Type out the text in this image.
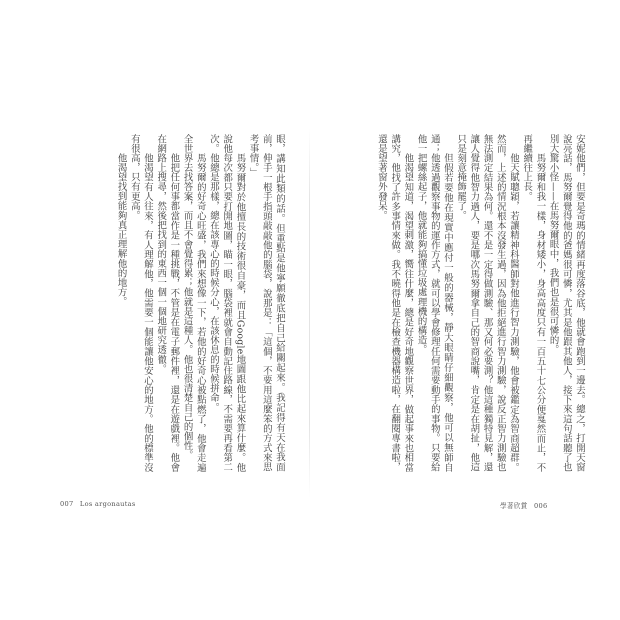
眼，講知此類的話。但重點是他寧願徹底把自己給關起來。我記得有天在我面前，伸手一根手指頭敲敲他的腦袋，說那是：「這個，不要用這麼笨的方式來思考事情。」

馬努爾對於他擅長的技術很自豪，而且Google地圖跟他比起來算什麼。他說他每次都只要打開地圖，瞄一眼，腦袋裡就會自動記住路線，不需要再看第二次。他總是那樣，總在該專心的時候分心，在該休息的時候拼命。

馬努爾的好奇心旺盛，我們來想像一下，若他的好奇心被點燃了，他會走遍全世界去找答案，而且不會覺得累；他就是這種人。他也很清楚自己的個性。

他把任何事都當作是一種挑戰，不管是在電子郵件裡，還是在遊戲裡。他會在網路上搜尋，然後把找到的東西一個一個地研究透徹。

他渴望有人往來，有人理解他，他需要一個能讓他安心的地方。他的標準沒有很高，只有更高。

他渴望找到能夠真正理解他的地方。	安妮他們，但要是奇瑪的情緒再度落谷底，他就會跑到一邊去。總之，打開天窗說亮話，馬努爾覺得他的爸媽很可憐，尤其是他跟其他人，接下來這句話聽了也別大驚小怪——在馬努爾眼中，我們也是很可憐的。

馬努爾和我一樣，身材矮小，身高高度只有一百五十七公分便戛然而止，不再繼續往上長。

他天賦聰穎，若讓精神科醫師對他進行智力測驗，他會被鑑定為智商超群。然而，上述的情況根本沒發生過，因為他拒絕進行智力測驗，說反正智力測驗也無法測定結果為何。還不是一定得做測驗、那又何必要測？他這種獨特見解，還讓人覺得他智力過人，要是哪次馬努爾拿自己的智商說嘴，肯定是在胡扯，他這只是刻意掩飾罷了。

但假若要他在現實中應付一般的器械，靜大眼睛仔細觀察，他可以無師自通；他透過觀察事物的運作方式，就可以學會修理任何需要動手的事物。只要給他一把螺絲起子，他就能夠搞懂垃圾處理機的構造。

他渴望知道，渴望刺激，嚮往什麼，總是好奇地觀察世界，做起事來也相當講究，他找了許多事情來做。我不曉得他是在檢查機器構造啦，在翻閱專書啦，還是望著窗外發呆。

007 Los argonautas	學著欣賞 006
